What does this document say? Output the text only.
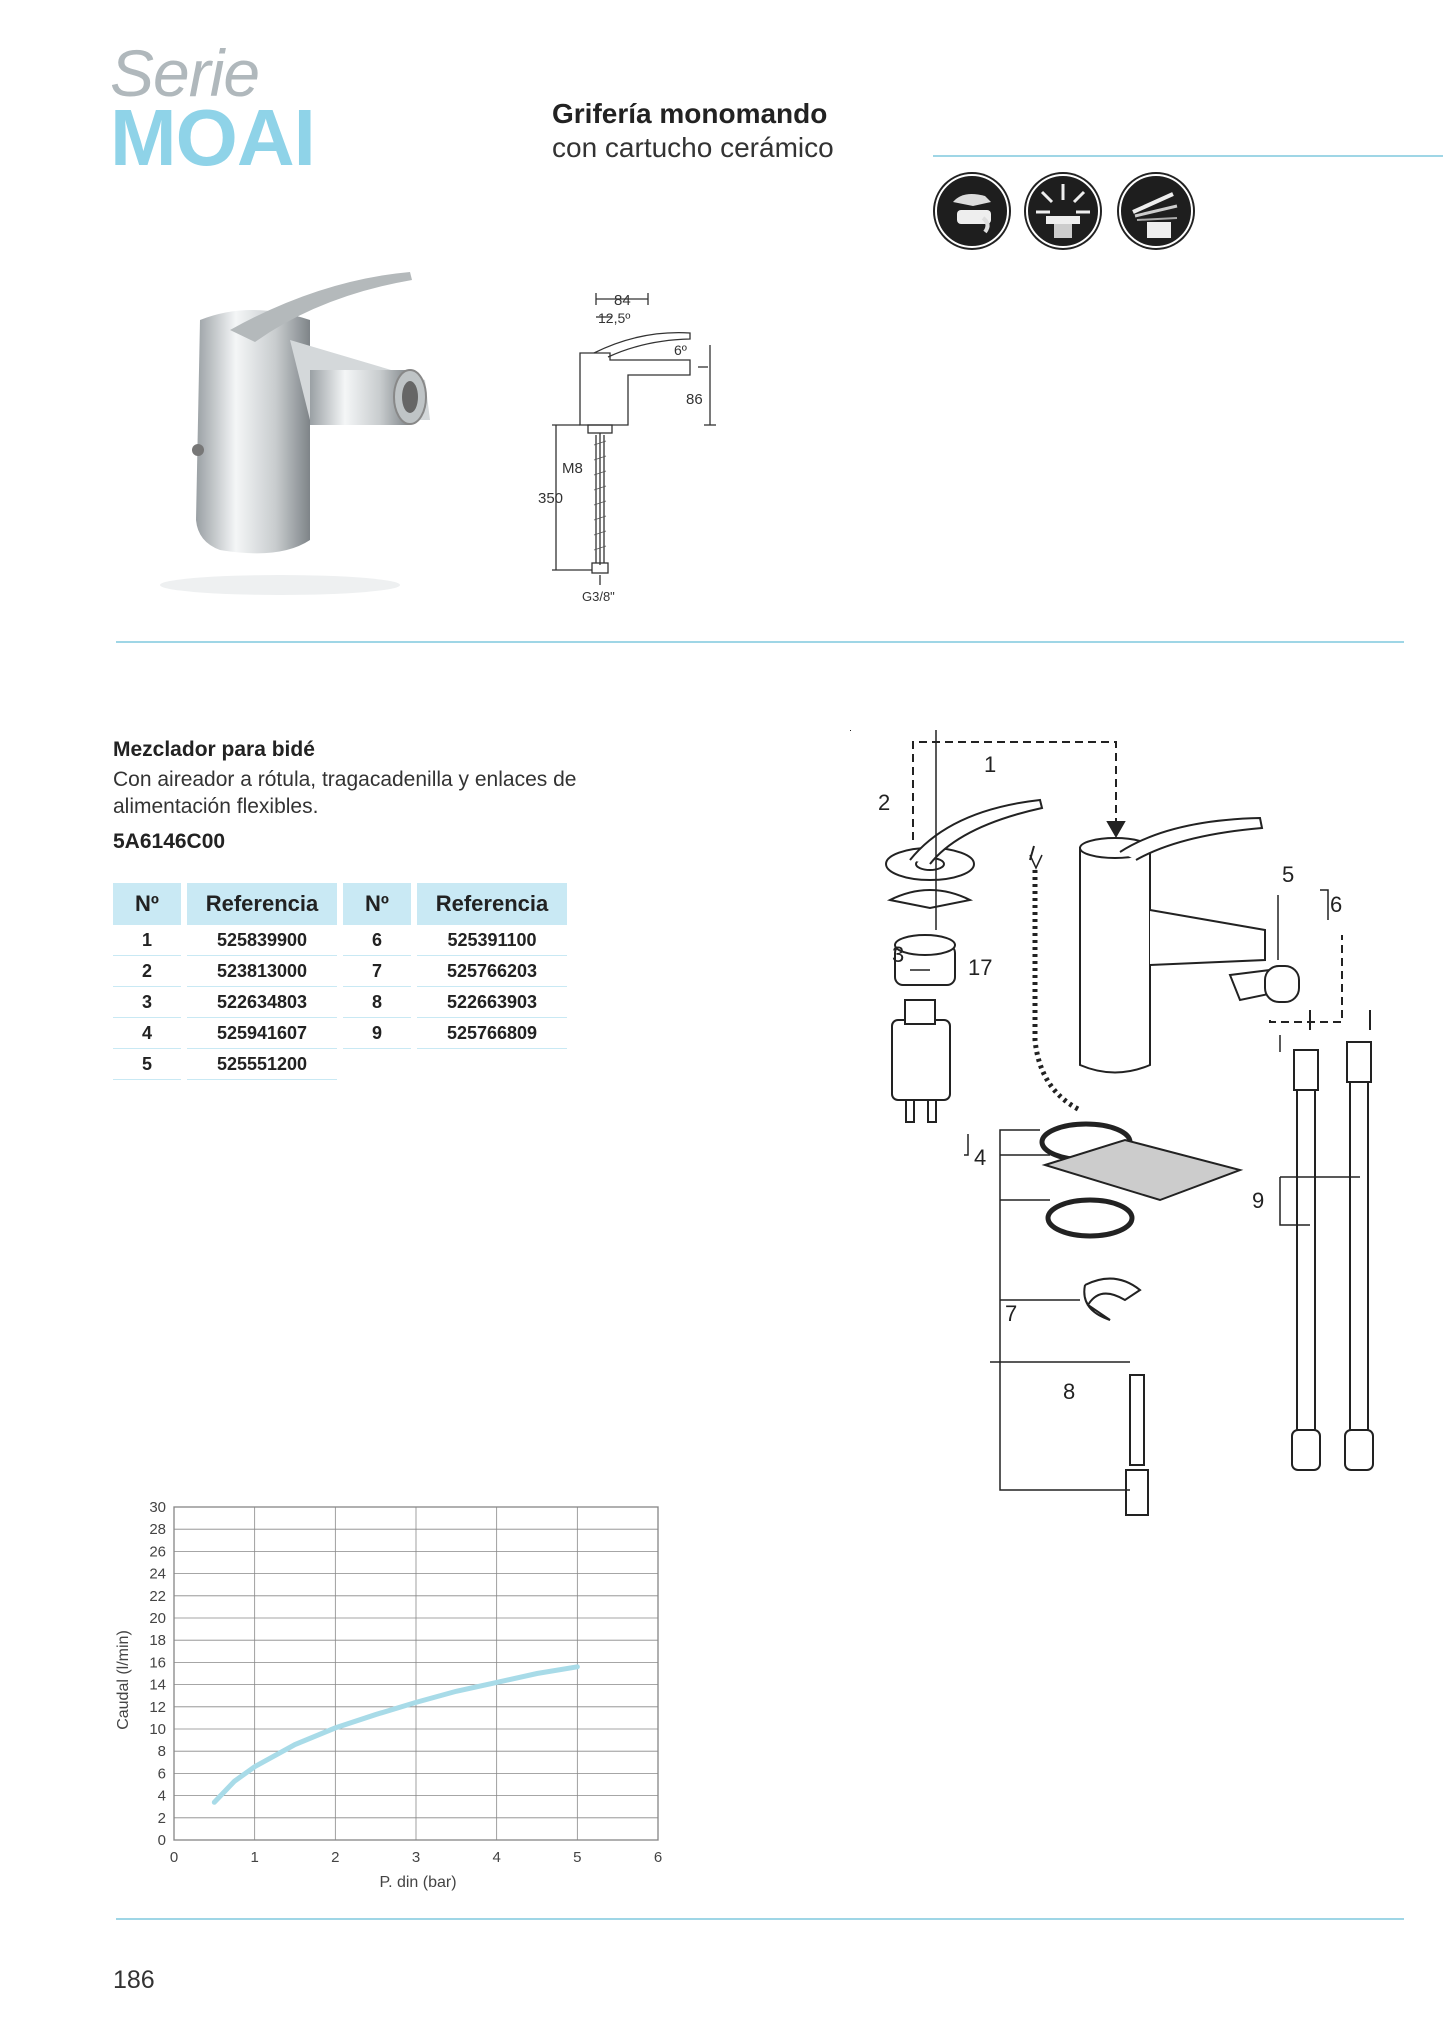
Serie
MOAI	Grifería monomando
con cartucho cerámico
84
12,5º
6º
86
M8
350
G3/8"
Mezclador para bidé
Con aireador a rótula, tragacadenilla y enlaces de alimentación flexibles.
5A6146C00
Nº	Referencia	Nº	Referencia
1	525839900	6	525391100
2	523813000	7	525766203
3	522634803	8	522663903
4	525941607	9	525766809
5	525551200		
1
2
3
4
5
6
7
8
9
17
0
2
4
6
8
10
12
14
16
18
20
22
24
26
28
30
0	1	2	3	4	5	6
P. din (bar)
Caudal (l/min)
186
